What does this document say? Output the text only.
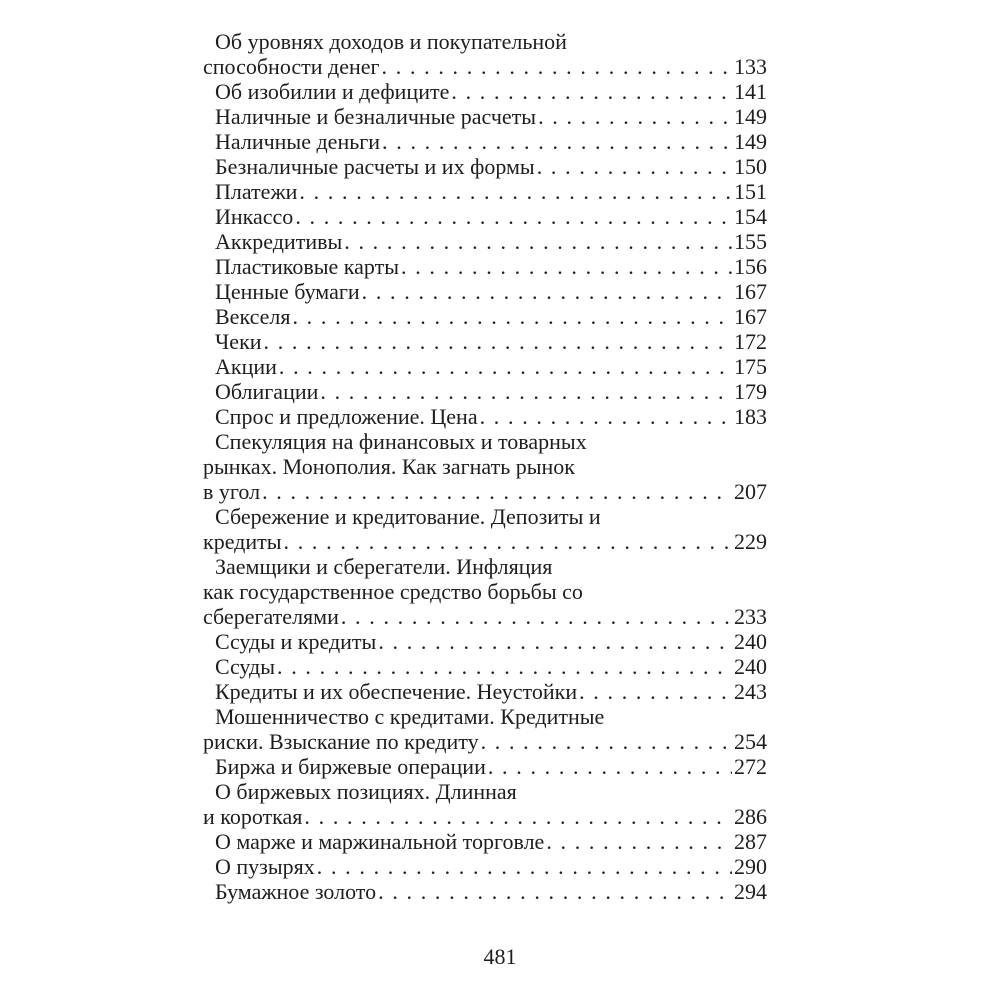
Об уровнях доходов и покупательной
способности денег . . .	133
Об изобилии и дефиците . . .	141
Наличные и безналичные расчеты . . .	149
Наличные деньги . . .	149
Безналичные расчеты и их формы . . .	150
Платежи . . .	151
Инкассо . . .	154
Аккредитивы . . .	155
Пластиковые карты . . .	156
Ценные бумаги . . .	167
Векселя . . .	167
Чеки . . .	172
Акции . . .	175
Облигации . . .	179
Спрос и предложение. Цена . . .	183
Спекуляция на финансовых и товарных
рынках. Монополия. Как загнать рынок
в угол . . .	207
Сбережение и кредитование. Депозиты и
кредиты . . .	229
Заемщики и сберегатели. Инфляция
как государственное средство борьбы со
сберегателями . . .	233
Ссуды и кредиты . . .	240
Ссуды . . .	240
Кредиты и их обеспечение. Неустойки . . .	243
Мошенничество с кредитами. Кредитные
риски. Взыскание по кредиту . . .	254
Биржа и биржевые операции . . .	272
О биржевых позициях. Длинная
и короткая . . .	286
О марже и маржинальной торговле . . .	287
О пузырях . . .	290
Бумажное золото . . .	294
481
